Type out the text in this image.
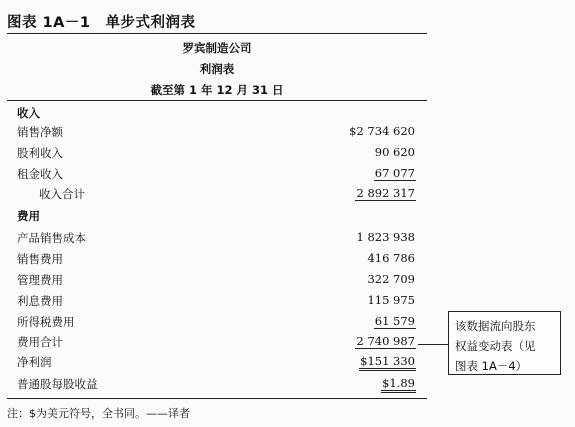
图表 1A－1　单步式利润表
罗宾制造公司
利润表
截至第 1 年 12 月 31 日
收入
销售净额	$2 734 620
股利收入	90 620
租金收入	67 077
收入合计	2 892 317
费用
产品销售成本	1 823 938
销售费用	416 786
管理费用	322 709
利息费用	115 975
所得税费用	61 579
费用合计	2 740 987
净利润	$151 330
普通股每股收益	$1.89
该数据流向股东
权益变动表（见
图表 1A－4）
注：$为美元符号，全书同。——译者
